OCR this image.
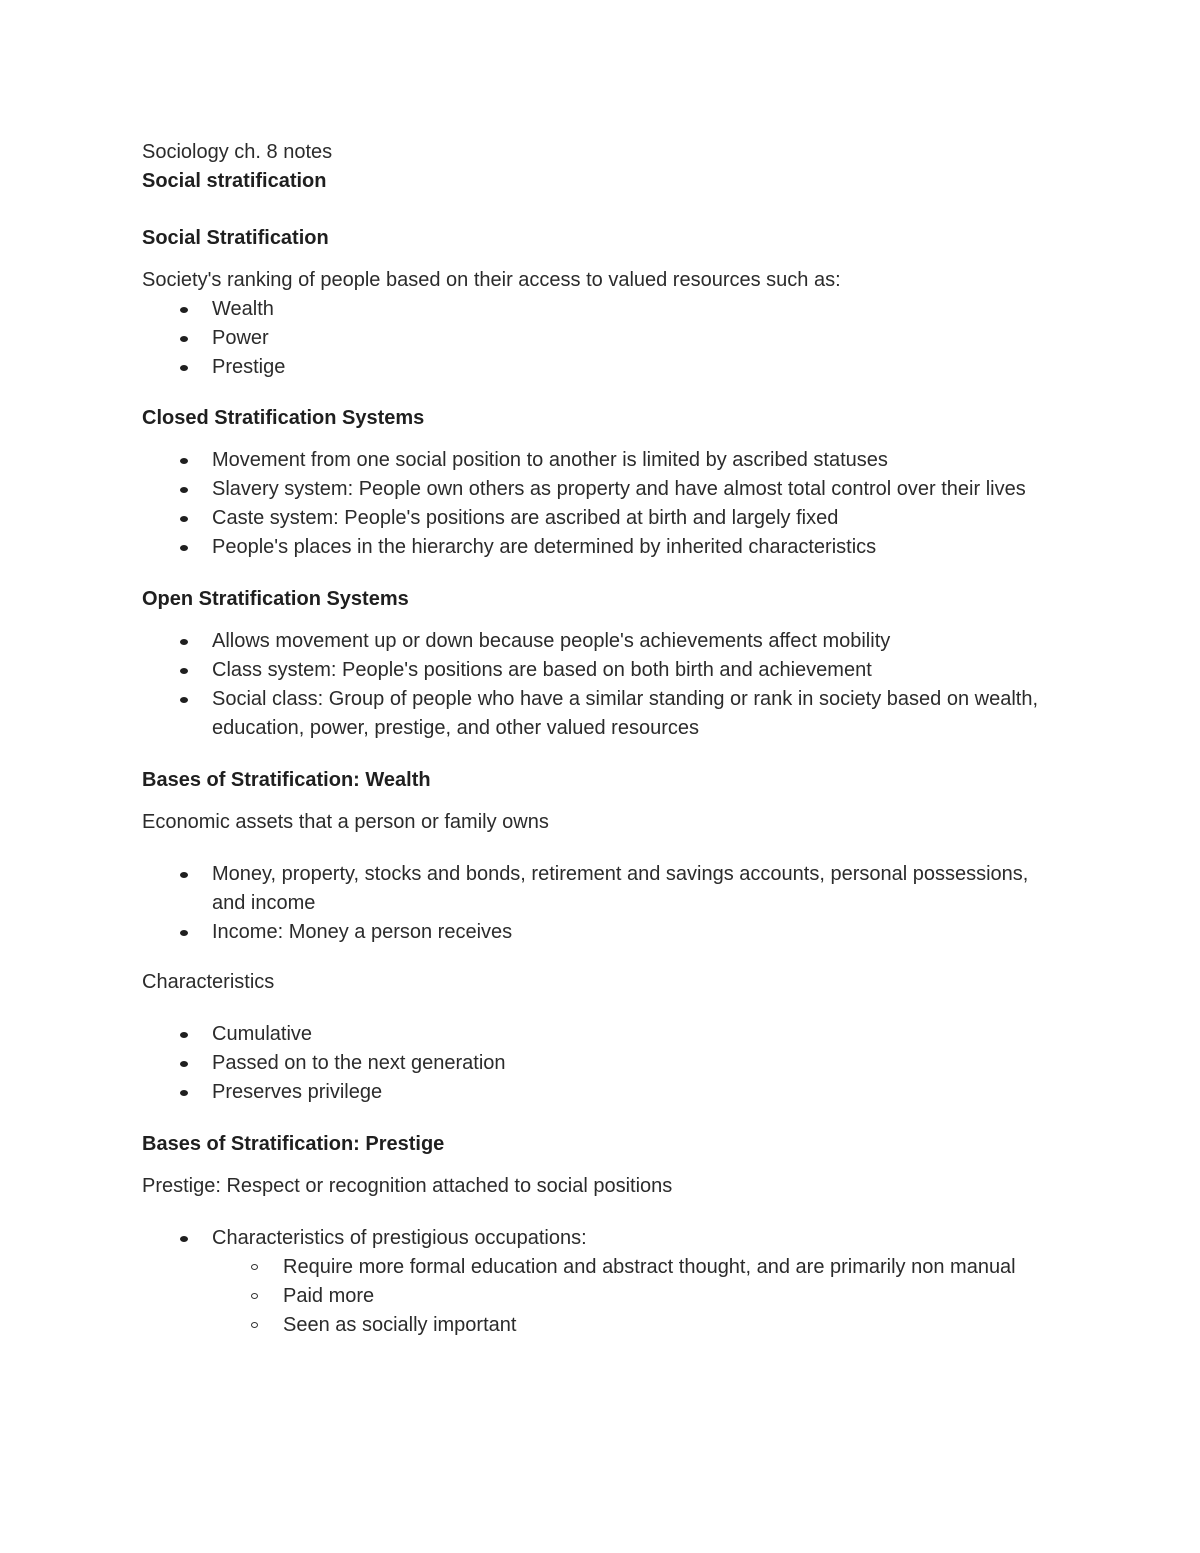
Sociology ch. 8 notes

Social stratification

Social Stratification

Society's ranking of people based on their access to valued resources such as:

Wealth
Power
Prestige

Closed Stratification Systems

Movement from one social position to another is limited by ascribed statuses
Slavery system: People own others as property and have almost total control over their lives
Caste system: People's positions are ascribed at birth and largely fixed
People's places in the hierarchy are determined by inherited characteristics

Open Stratification Systems

Allows movement up or down because people's achievements affect mobility
Class system: People's positions are based on both birth and achievement
Social class: Group of people who have a similar standing or rank in society based on wealth, education, power, prestige, and other valued resources

Bases of Stratification: Wealth

Economic assets that a person or family owns

Money, property, stocks and bonds, retirement and savings accounts, personal possessions, and income
Income: Money a person receives

Characteristics

Cumulative
Passed on to the next generation
Preserves privilege

Bases of Stratification: Prestige

Prestige: Respect or recognition attached to social positions

Characteristics of prestigious occupations:
Require more formal education and abstract thought, and are primarily non manual
Paid more
Seen as socially important
